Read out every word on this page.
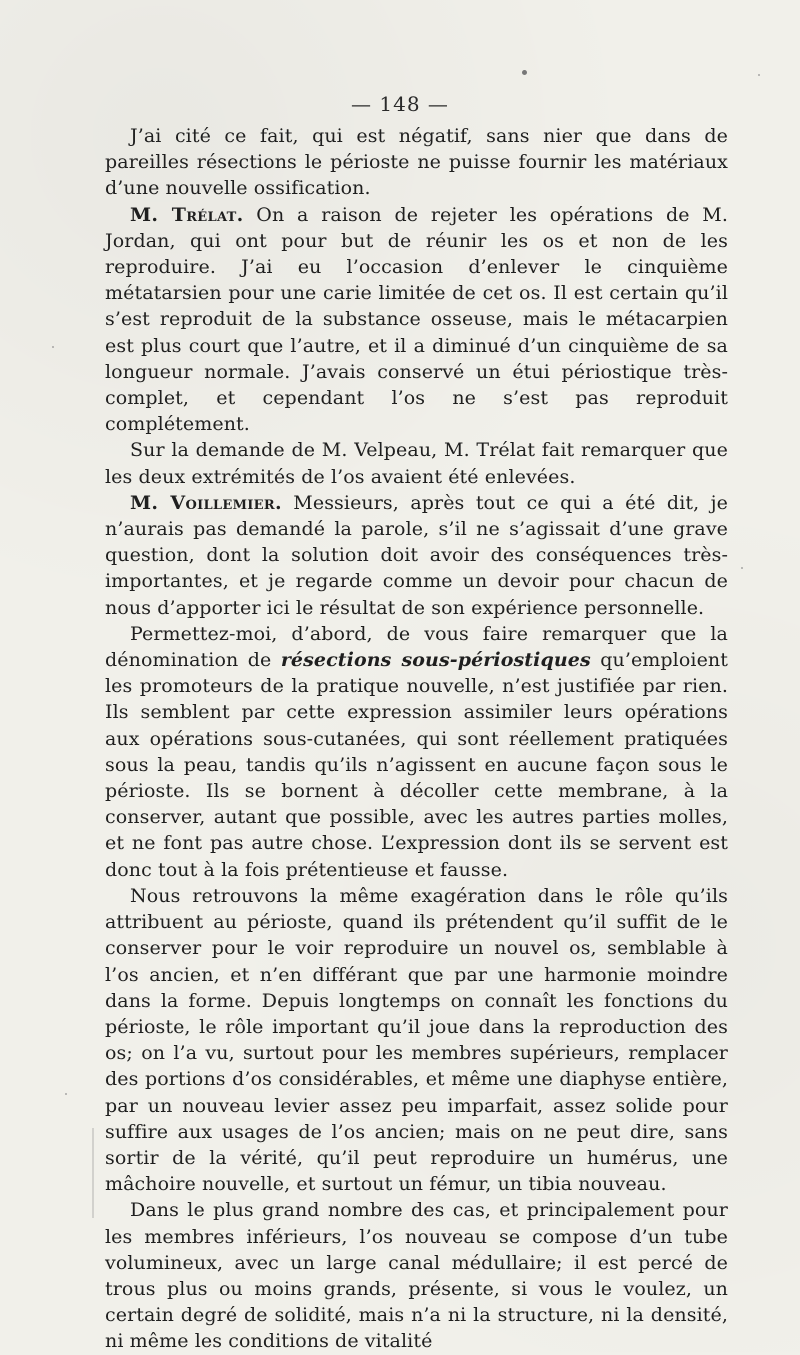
— 148 —

J’ai cité ce fait, qui est négatif, sans nier que dans de pareilles résections le périoste ne puisse fournir les matériaux d’une nouvelle ossification.

M. Trélat. On a raison de rejeter les opérations de M. Jordan, qui ont pour but de réunir les os et non de les reproduire. J’ai eu l’occasion d’enlever le cinquième métatarsien pour une carie limitée de cet os. Il est certain qu’il s’est reproduit de la substance osseuse, mais le métacarpien est plus court que l’autre, et il a diminué d’un cinquième de sa longueur normale. J’avais conservé un étui périostique très-complet, et cependant l’os ne s’est pas reproduit complétement.

Sur la demande de M. Velpeau, M. Trélat fait remarquer que les deux extrémités de l’os avaient été enlevées.

M. Voillemier. Messieurs, après tout ce qui a été dit, je n’aurais pas demandé la parole, s’il ne s’agissait d’une grave question, dont la solution doit avoir des conséquences très-importantes, et je regarde comme un devoir pour chacun de nous d’apporter ici le résultat de son expérience personnelle.

Permettez-moi, d’abord, de vous faire remarquer que la dénomination de résections sous-périostiques qu’emploient les promoteurs de la pratique nouvelle, n’est justifiée par rien. Ils semblent par cette expression assimiler leurs opérations aux opérations sous-cutanées, qui sont réellement pratiquées sous la peau, tandis qu’ils n’agissent en aucune façon sous le périoste. Ils se bornent à décoller cette membrane, à la conserver, autant que possible, avec les autres parties molles, et ne font pas autre chose. L’expression dont ils se servent est donc tout à la fois prétentieuse et fausse.

Nous retrouvons la même exagération dans le rôle qu’ils attribuent au périoste, quand ils prétendent qu’il suffit de le conserver pour le voir reproduire un nouvel os, semblable à l’os ancien, et n’en différant que par une harmonie moindre dans la forme. Depuis longtemps on connaît les fonctions du périoste, le rôle important qu’il joue dans la reproduction des os; on l’a vu, surtout pour les membres supérieurs, remplacer des portions d’os considérables, et même une diaphyse entière, par un nouveau levier assez peu imparfait, assez solide pour suffire aux usages de l’os ancien; mais on ne peut dire, sans sortir de la vérité, qu’il peut reproduire un humérus, une mâchoire nouvelle, et surtout un fémur, un tibia nouveau.

Dans le plus grand nombre des cas, et principalement pour les membres inférieurs, l’os nouveau se compose d’un tube volumineux, avec un large canal médullaire; il est percé de trous plus ou moins grands, présente, si vous le voulez, un certain degré de solidité, mais n’a ni la structure, ni la densité, ni même les conditions de vitalité
